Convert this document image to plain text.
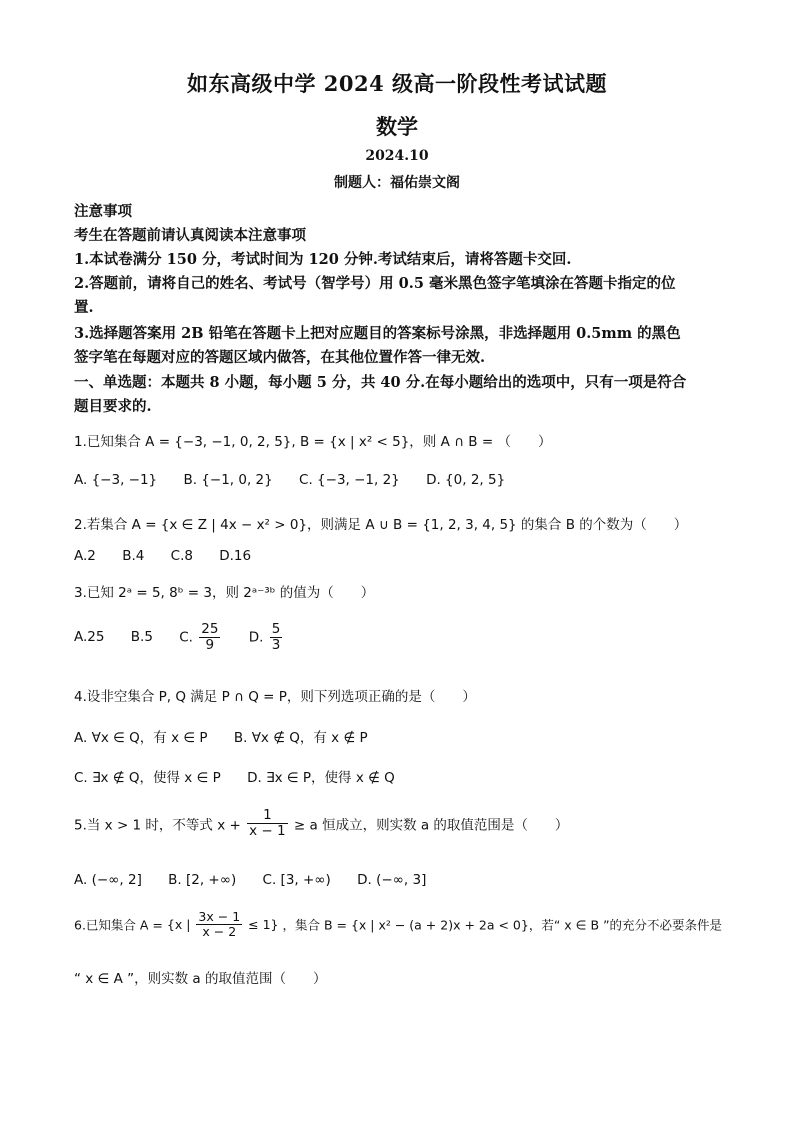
如东高级中学 2024 级高一阶段性考试试题
数学
2024.10
制题人：福佑崇文阁
注意事项
考生在答题前请认真阅读本注意事项
1.本试卷满分 150 分，考试时间为 120 分钟.考试结束后，请将答题卡交回.
2.答题前，请将自己的姓名、考试号（智学号）用 0.5 毫米黑色签字笔填涂在答题卡指定的位
置.
3.选择题答案用 2B 铅笔在答题卡上把对应题目的答案标号涂黑，非选择题用 0.5mm 的黑色
签字笔在每题对应的答题区域内做答，在其他位置作答一律无效.
一、单选题：本题共 8 小题，每小题 5 分，共 40 分.在每小题给出的选项中，只有一项是符合
题目要求的.
1.已知集合 A = {−3, −1, 0, 2, 5}, B = {x | x² < 5}，则 A ∩ B = （　　）
A. {−3, −1} B. {−1, 0, 2} C. {−3, −1, 2} D. {0, 2, 5}
2.若集合 A = {x ∈ Z | 4x − x² > 0}，则满足 A ∪ B = {1, 2, 3, 4, 5} 的集合 B 的个数为（　　）
A.2 B.4 C.8 D.16
3.已知 2ᵃ = 5, 8ᵇ = 3，则 2ᵃ⁻³ᵇ 的值为（　　）
A.25 B.5 C. $\frac{25}{9} D$. $\frac{5}{3}$
4.设非空集合 P, Q 满足 P ∩ Q = P，则下列选项正确的是（　　）
A. ∀x ∈ Q，有 x ∈ P B. ∀x ∉ Q，有 x ∉ P
C. ∃x ∉ Q，使得 x ∈ P D. ∃x ∈ P，使得 x ∉ Q
5.当 x > 1 时，不等式 $x + \frac{1}{x - 1} \ge a$ 恒成立，则实数 a 的取值范围是（　　）
A. (−∞, 2] B. [2, +∞) C. [3, +∞) D. (−∞, 3]
6.已知集合 A = {x | $\frac{3x - 1}{x - 2} \le 1$} ，集合 B = {x | x² − (a + 2)x + 2a < 0}，若“ x ∈ B ”的充分不必要条件是
“ x ∈ A ”，则实数 a 的取值范围（　　）
